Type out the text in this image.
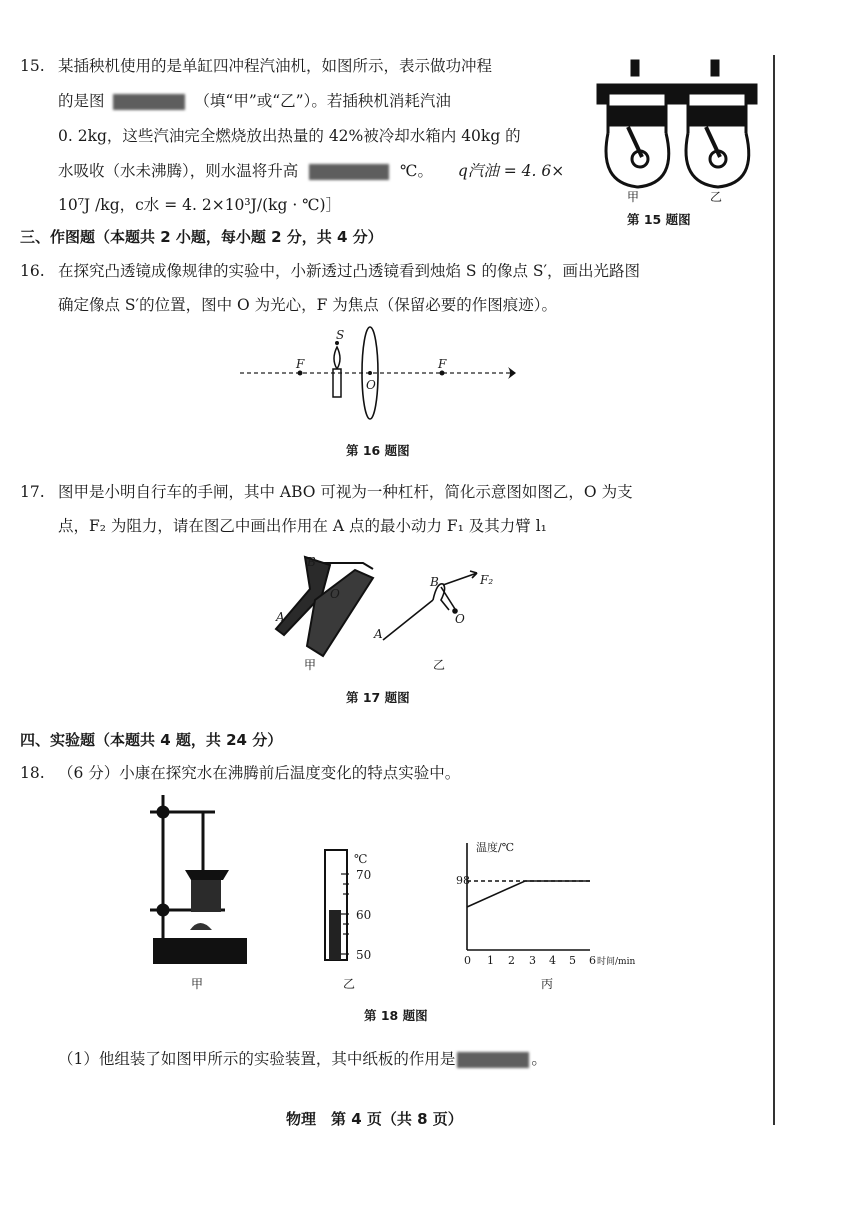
15. 某插秧机使用的是单缸四冲程汽油机，如图所示，表示做功冲程
的是图	（填“甲”或“乙”）。若插秧机消耗汽油
0. 2kg，这些汽油完全燃烧放出热量的 42%被冷却水箱内 40kg 的
水吸收（水未沸腾），则水温将升高	℃。 q汽油 = 4. 6×
10⁷J /kg，c水 = 4. 2×10³J/(kg · ℃)］	甲	乙
第 15 题图
三、作图题（本题共 2 小题，每小题 2 分，共 4 分）
16. 在探究凸透镜成像规律的实验中，小新透过凸透镜看到烛焰 S 的像点 S′，画出光路图
确定像点 S′的位置，图中 O 为光心，F 为焦点（保留必要的作图痕迹）。
F
S
O
F
第 16 题图
17. 图甲是小明自行车的手闸，其中 ABO 可视为一种杠杆，简化示意图如图乙，O 为支
点，F₂ 为阻力，请在图乙中画出作用在 A 点的最小动力 F₁ 及其力臂 l₁
B
O
A
B	F₂
O
A
甲	乙
第 17 题图
四、实验题（本题共 4 题，共 24 分）
18. （6 分）小康在探究水在沸腾前后温度变化的特点实验中。
甲
℃
70
60
50
乙
温度/℃
98
0 1 2 3 4 5 6 时间/min
丙
第 18 题图
（1）他组装了如图甲所示的实验装置，其中纸板的作用是	。
物理　第 4 页（共 8 页）
